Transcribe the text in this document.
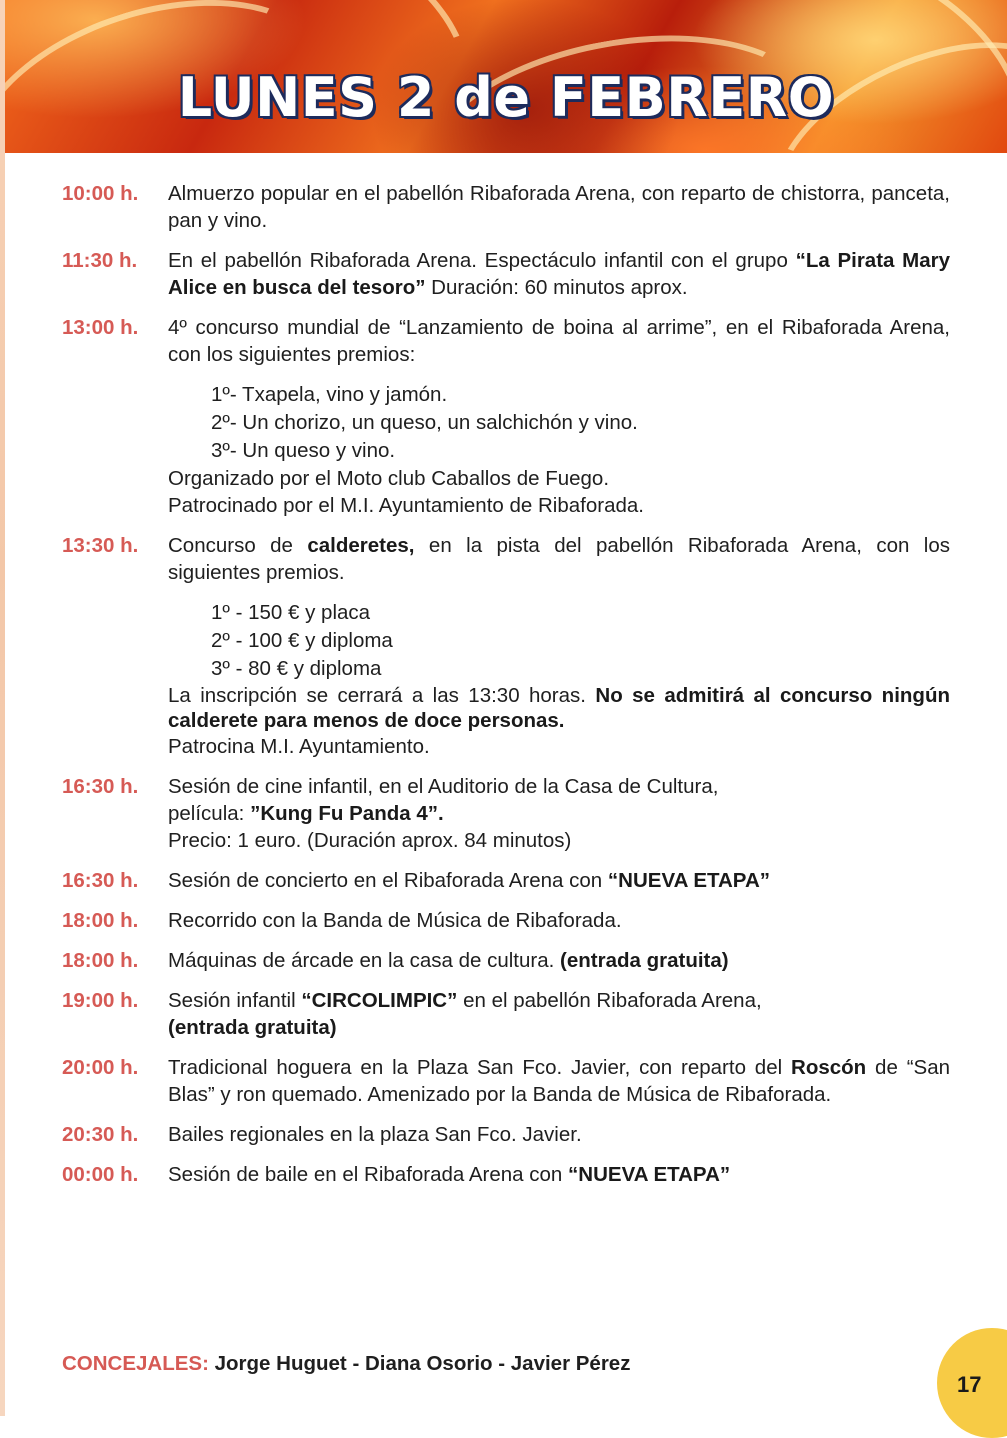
LUNES 2 de FEBRERO
10:00 h.	Almuerzo popular en el pabellón Ribaforada Arena, con reparto de chistorra, panceta, pan y vino.

11:30 h.	En el pabellón Ribaforada Arena. Espectáculo infantil con el grupo “La Pirata Mary Alice en busca del tesoro” Duración: 60 minutos aprox.

13:00 h.	4º concurso mundial de “Lanzamiento de boina al arrime”, en el Ribaforada Arena, con los siguientes premios:

1º- Txapela, vino y jamón.
2º- Un chorizo, un queso, un salchichón y vino.
3º- Un queso y vino.

Organizado por el Moto club Caballos de Fuego.

Patrocinado por el M.I. Ayuntamiento de Ribaforada.

13:30 h.	Concurso de calderetes, en la pista del pabellón Ribaforada Arena, con los siguientes premios.

1º - 150 € y placa
2º - 100 € y diploma
3º - 80 € y diploma

La inscripción se cerrará a las 13:30 horas. No se admitirá al concurso ningún calderete para menos de doce personas.

Patrocina M.I. Ayuntamiento.

16:30 h.	Sesión de cine infantil, en el Auditorio de la Casa de Cultura,

película: ”Kung Fu Panda 4”.

Precio: 1 euro. (Duración aprox. 84 minutos)

16:30 h.	Sesión de concierto en el Ribaforada Arena con “NUEVA ETAPA”

18:00 h.	Recorrido con la Banda de Música de Ribaforada.

18:00 h.	Máquinas de árcade en la casa de cultura. (entrada gratuita)

19:00 h.	Sesión infantil “CIRCOLIMPIC” en el pabellón Ribaforada Arena,

(entrada gratuita)

20:00 h.	Tradicional hoguera en la Plaza San Fco. Javier, con reparto del Roscón de “San Blas” y ron quemado. Amenizado por la Banda de Música de Ribaforada.

20:30 h.	Bailes regionales en la plaza San Fco. Javier.

00:00 h.	Sesión de baile en el Ribaforada Arena con “NUEVA ETAPA”

CONCEJALES: Jorge Huguet - Diana Osorio - Javier Pérez
17
